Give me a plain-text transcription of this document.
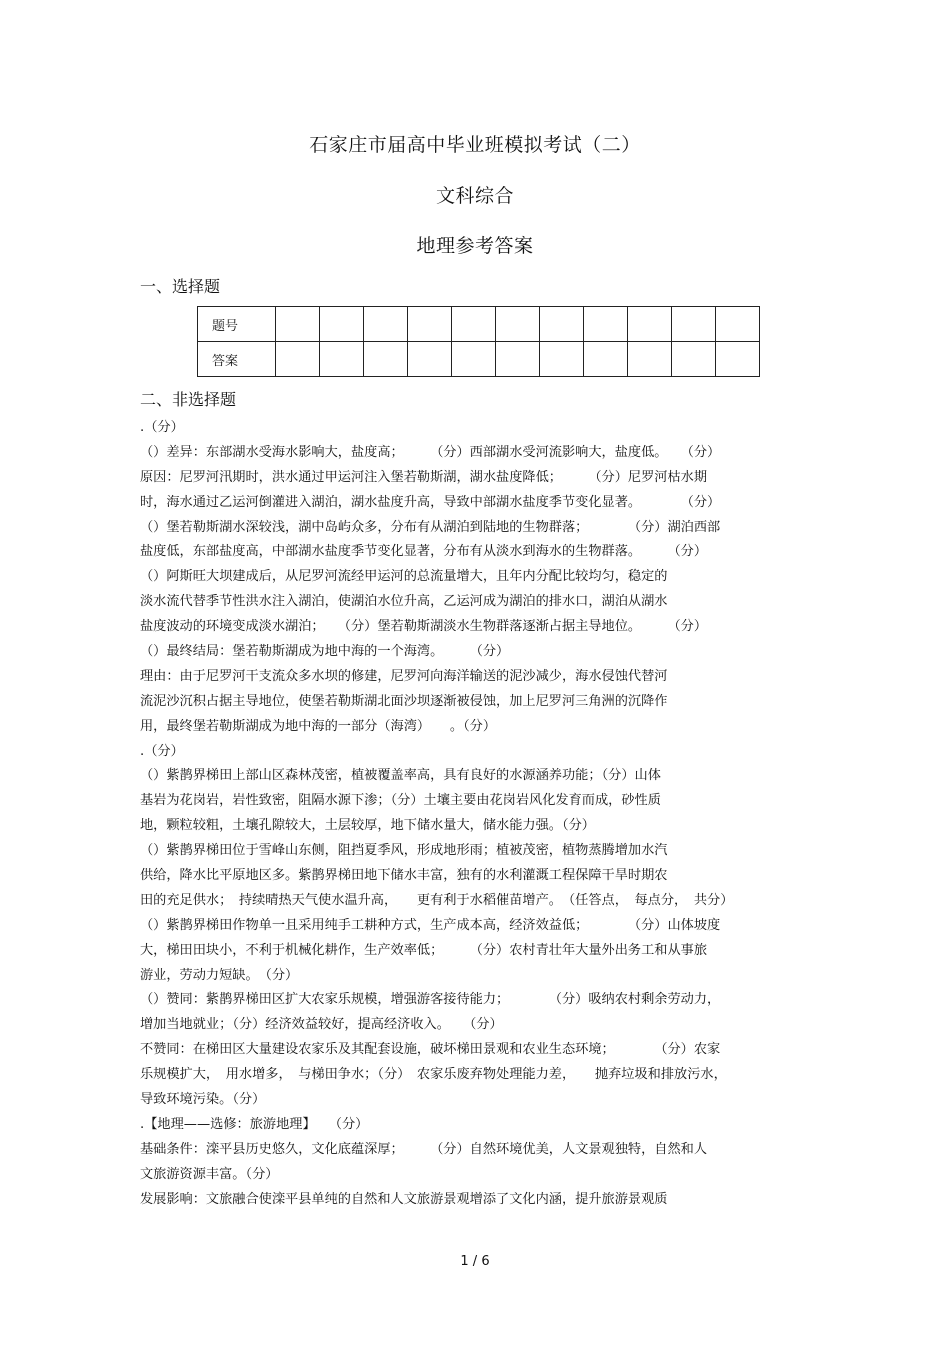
石家庄市届高中毕业班模拟考试（二）
文科综合
地理参考答案
一、选择题
题号											
答案											
二、非选择题
.（分）
（）差异：东部湖水受海水影响大，盐度高；　　　（分）西部湖水受河流影响大，盐度低。　　（分）
原因：尼罗河汛期时，洪水通过甲运河注入堡若勒斯湖，湖水盐度降低；　　　（分）尼罗河枯水期
时，海水通过乙运河倒灌进入湖泊，湖水盐度升高，导致中部湖水盐度季节变化显著。　　　　（分）
（）堡若勒斯湖水深较浅，湖中岛屿众多，分布有从湖泊到陆地的生物群落；　　　　（分）湖泊西部
盐度低，东部盐度高，中部湖水盐度季节变化显著，分布有从淡水到海水的生物群落。　　　（分）
（）阿斯旺大坝建成后，从尼罗河流经甲运河的总流量增大，且年内分配比较均匀，稳定的
淡水流代替季节性洪水注入湖泊，使湖泊水位升高，乙运河成为湖泊的排水口，湖泊从湖水
盐度波动的环境变成淡水湖泊；　　（分）堡若勒斯湖淡水生物群落逐渐占据主导地位。　　　（分）
（）最终结局：堡若勒斯湖成为地中海的一个海湾。　　　（分）
理由：由于尼罗河干支流众多水坝的修建，尼罗河向海洋输送的泥沙减少，海水侵蚀代替河
流泥沙沉积占据主导地位，使堡若勒斯湖北面沙坝逐渐被侵蚀，加上尼罗河三角洲的沉降作
用，最终堡若勒斯湖成为地中海的一部分（海湾）　　。（分）
.（分）
（）紫鹊界梯田上部山区森林茂密，植被覆盖率高，具有良好的水源涵养功能；（分）山体
基岩为花岗岩，岩性致密，阻隔水源下渗；（分）土壤主要由花岗岩风化发育而成，砂性质
地，颗粒较粗，土壤孔隙较大，土层较厚，地下储水量大，储水能力强。（分）
（）紫鹊界梯田位于雪峰山东侧，阻挡夏季风，形成地形雨；植被茂密，植物蒸腾增加水汽
供给，降水比平原地区多。紫鹊界梯田地下储水丰富，独有的水利灌溉工程保障干旱时期农
田的充足供水；　持续晴热天气使水温升高，　　更有利于水稻催苗增产。　（任答点，　每点分，　共分）
（）紫鹊界梯田作物单一且采用纯手工耕种方式，生产成本高，经济效益低；　　　　（分）山体坡度
大，梯田田块小，不利于机械化耕作，生产效率低；　　　（分）农村青壮年大量外出务工和从事旅
游业，劳动力短缺。　（分）
（）赞同：紫鹊界梯田区扩大农家乐规模，增强游客接待能力；　　　　（分）吸纳农村剩余劳动力，
增加当地就业；（分）经济效益较好，提高经济收入。　　（分）
不赞同：在梯田区大量建设农家乐及其配套设施，破坏梯田景观和农业生态环境；　　　　（分）农家
乐规模扩大，　用水增多，　与梯田争水；（分）　农家乐废弃物处理能力差，　　抛弃垃圾和排放污水，
导致环境污染。（分）
.【地理——选修：旅游地理】　　（分）
基础条件：滦平县历史悠久，文化底蕴深厚；　　　（分）自然环境优美，人文景观独特，自然和人
文旅游资源丰富。（分）
发展影响：文旅融合使滦平县单纯的自然和人文旅游景观增添了文化内涵，提升旅游景观质
1 / 6
